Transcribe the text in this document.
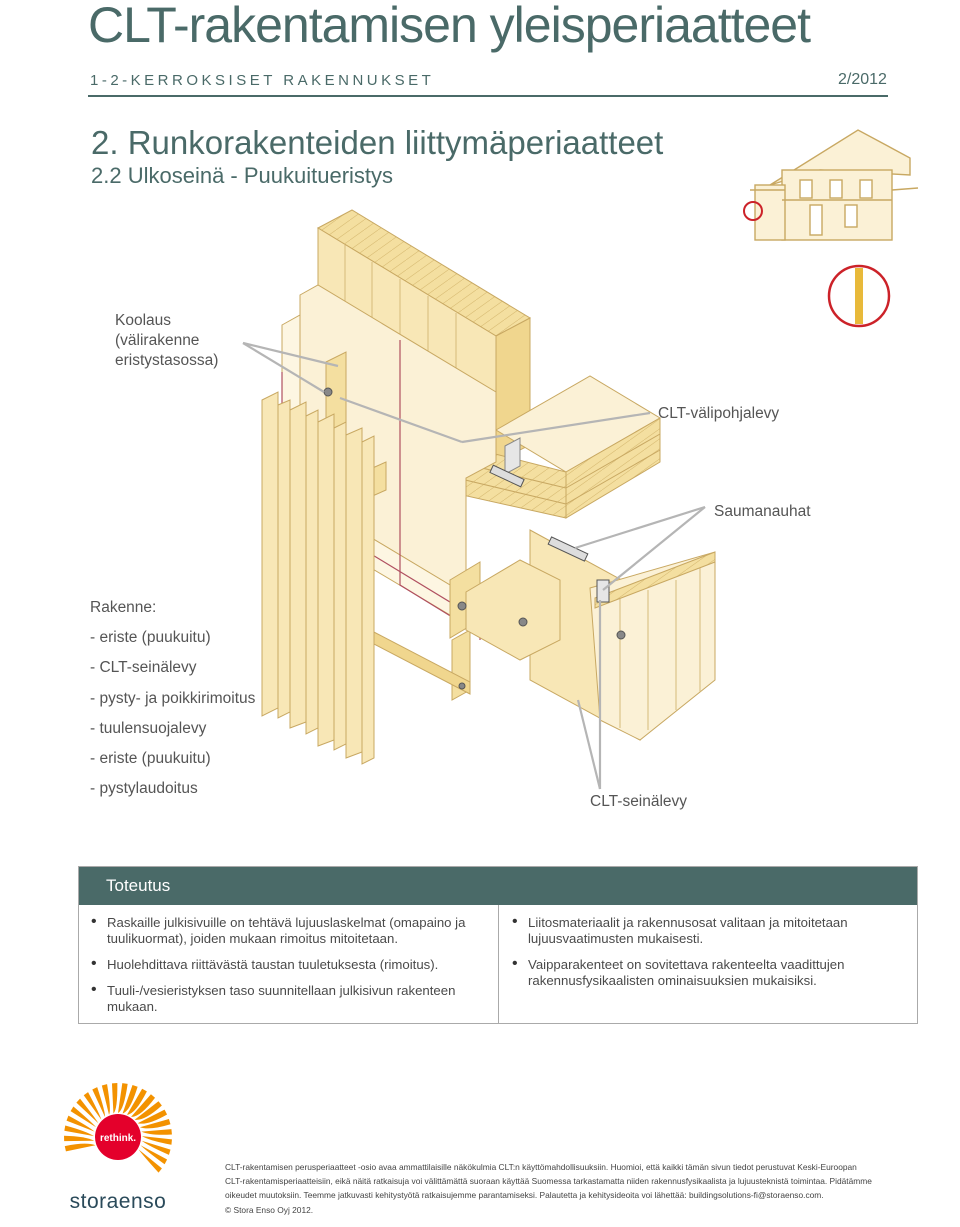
CLT-rakentamisen yleisperiaatteet
1-2-KERROKSISET RAKENNUKSET	2/2012
2. Runkorakenteiden liittymäperiaatteet
2.2 Ulkoseinä - Puukuitueristys
Koolaus
(välirakenne
eristystasossa)
CLT-välipohjalevy
Saumanauhat
CLT-seinälevy
Rakenne:
- eriste (puukuitu)
- CLT-seinälevy
- pysty- ja poikkirimoitus
- tuulensuojalevy
- eriste (puukuitu)
- pystylaudoitus
Toteutus
• Raskaille julkisivuille on tehtävä lujuuslaskelmat (omapaino ja tuulikuormat), joiden mukaan rimoitus mitoitetaan.
• Huolehdittava riittävästä taustan tuuletuksesta (rimoitus).
• Tuuli-/vesieristyksen taso suunnitellaan julkisivun rakenteen mukaan.
• Liitosmateriaalit ja rakennusosat valitaan ja mitoitetaan lujuusvaatimusten mukaisesti.
• Vaipparakenteet on sovitettava rakenteelta vaadittujen rakennusfysikaalisten ominaisuuksien mukaisiksi.
rethink.
storaenso
CLT-rakentamisen perusperiaatteet -osio avaa ammattilaisille näkökulmia CLT:n käyttömahdollisuuksiin. Huomioi, että kaikki tämän sivun tiedot perustuvat Keski-Euroopan
CLT-rakentamisperiaatteisiin, eikä näitä ratkaisuja voi välittämättä suoraan käyttää Suomessa tarkastamatta niiden rakennusfysikaalista ja lujuusteknistä toimintaa. Pidätämme
oikeudet muutoksiin. Teemme jatkuvasti kehitystyötä ratkaisujemme parantamiseksi. Palautetta ja kehitysideoita voi lähettää: buildingsolutions-fi@storaenso.com.
© Stora Enso Oyj 2012.
